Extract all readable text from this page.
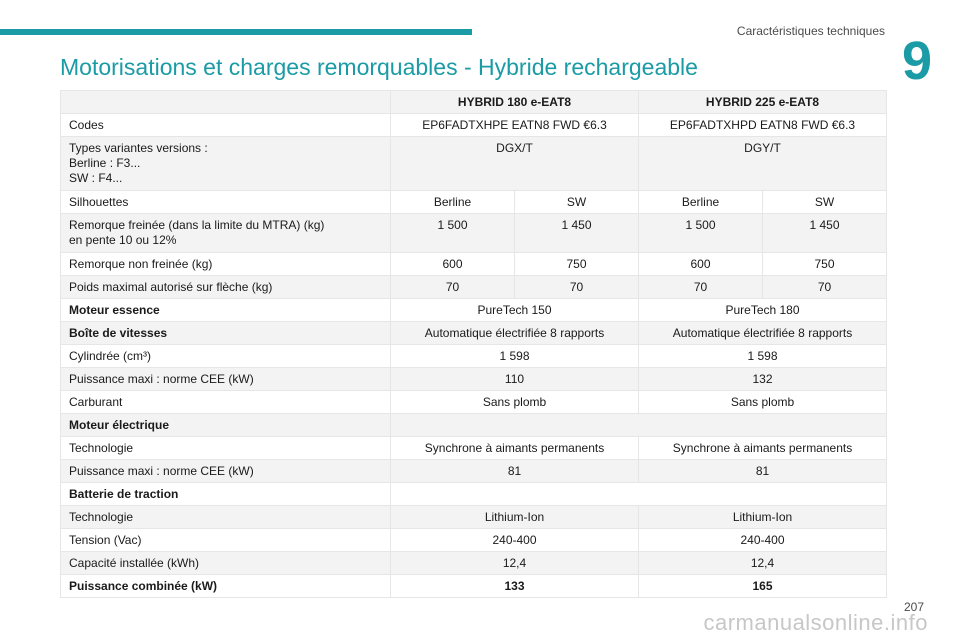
Caractéristiques techniques 9
Motorisations et charges remorquables - Hybride rechargeable
	HYBRID 180 e-EAT8		HYBRID 225 e-EAT8	

Codes	EP6FADTXHPE EATN8 FWD €6.3		EP6FADTXHPD EATN8 FWD €6.3	

Types variantes versions :
Berline : F3...
SW : F4...	DGX/T		DGY/T	

Silhouettes	Berline	SW	Berline	SW

Remorque freinée (dans la limite du MTRA) (kg)
en pente 10 ou 12%	1 500	1 450	1 500	1 450

Remorque non freinée (kg)	600	750	600	750

Poids maximal autorisé sur flèche (kg)	70	70	70	70

Moteur essence	PureTech 150		PureTech 180	

Boîte de vitesses	Automatique électrifiée 8 rapports		Automatique électrifiée 8 rapports	

Cylindrée (cm³)	1 598		1 598	

Puissance maxi : norme CEE (kW)	110		132	

Carburant	Sans plomb		Sans plomb	

Moteur électrique				

Technologie	Synchrone à aimants permanents		Synchrone à aimants permanents	

Puissance maxi : norme CEE (kW)	81		81	

Batterie de traction				

Technologie	Lithium-Ion		Lithium-Ion	

Tension (Vac)	240-400		240-400	

Capacité installée (kWh)	12,4		12,4	

Puissance combinée (kW)	133		165	
207
carmanualsonline.info
